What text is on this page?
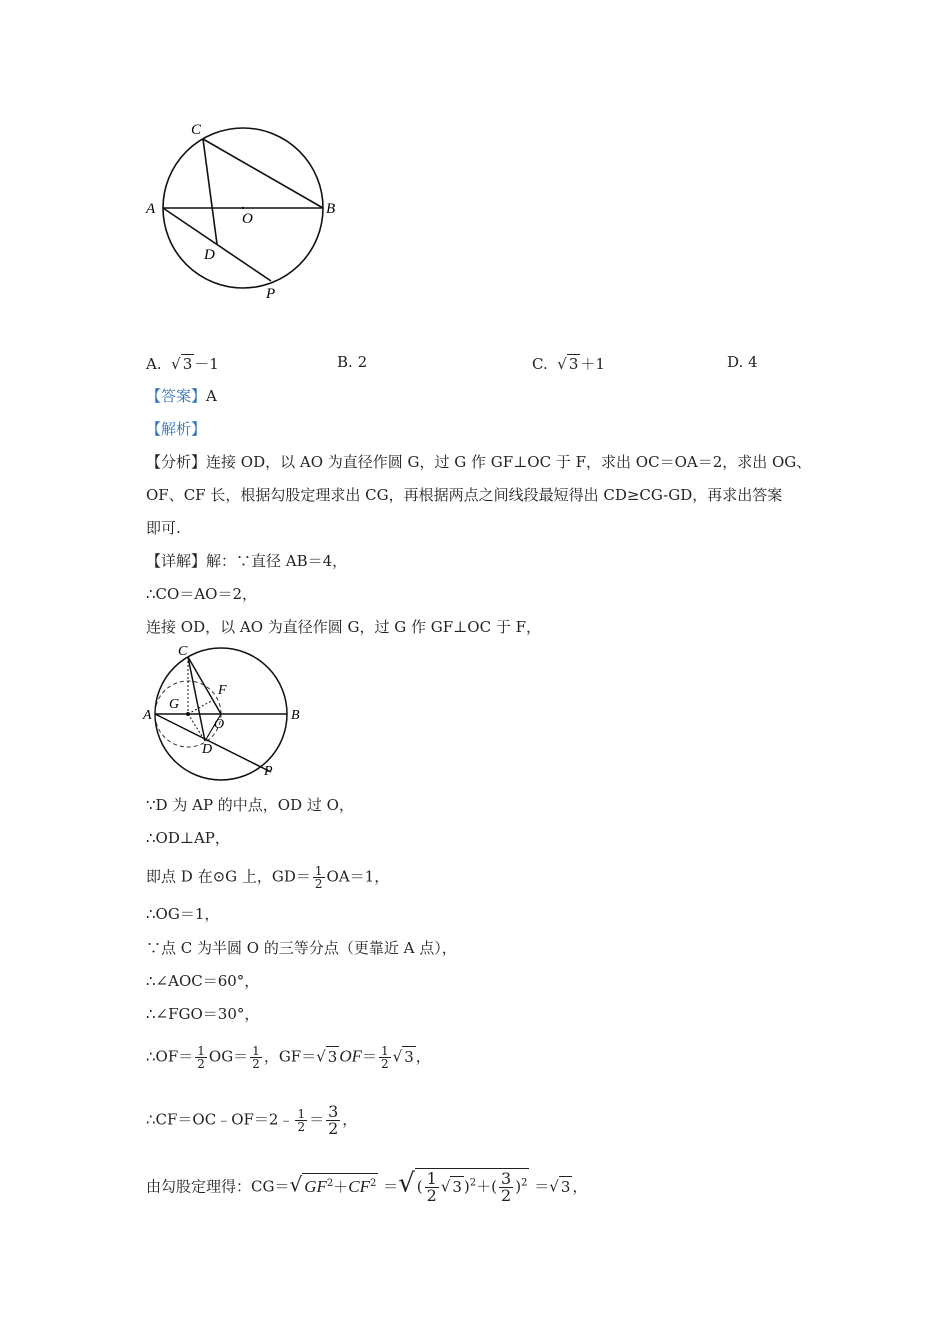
C
A
O
B
D
P
A. √ 3 －1	B. 2	C. √ 3 ＋1	D. 4
【答案】A
【解析】
【分析】连接 OD，以 AO 为直径作圆 G，过 G 作 GF⊥OC 于 F，求出 OC＝OA＝2，求出 OG、
OF、CF 长，根据勾股定理求出 CG，再根据两点之间线段最短得出 CD≥CG-GD，再求出答案
即可.
【详解】解：∵直径 AB＝4，
∴CO＝AO＝2，
连接 OD，以 AO 为直径作圆 G，过 G 作 GF⊥OC 于 F，
C
G
F
A
O
B
D
P
∵D 为 AP 的中点，OD 过 O，
∴OD⊥AP，
即点 D 在⊙G 上，$GD= \frac{1}{2} OA=1$，
∴OG＝1，
∵点 C 为半圆 O 的三等分点（更靠近 A 点），
∴∠AOC＝60°，
∴∠FGO＝30°，
∴OF＝ $\frac{1}{2} OG= \frac{1}{2}$ ，GF＝√ 3 $OF= \frac{1}{2}$ √ 3 ，
∴CF＝OC﹣OF＝2﹣ $\frac{1}{2} = \frac{3}{2}$ ，
由勾股定理得：CG＝√ $GF^2+CF^2$ ＝√ ( $\frac{1}{2}$ √ 3 )$^2+( \frac{3}{2} )^2$ ＝√ 3 ，
